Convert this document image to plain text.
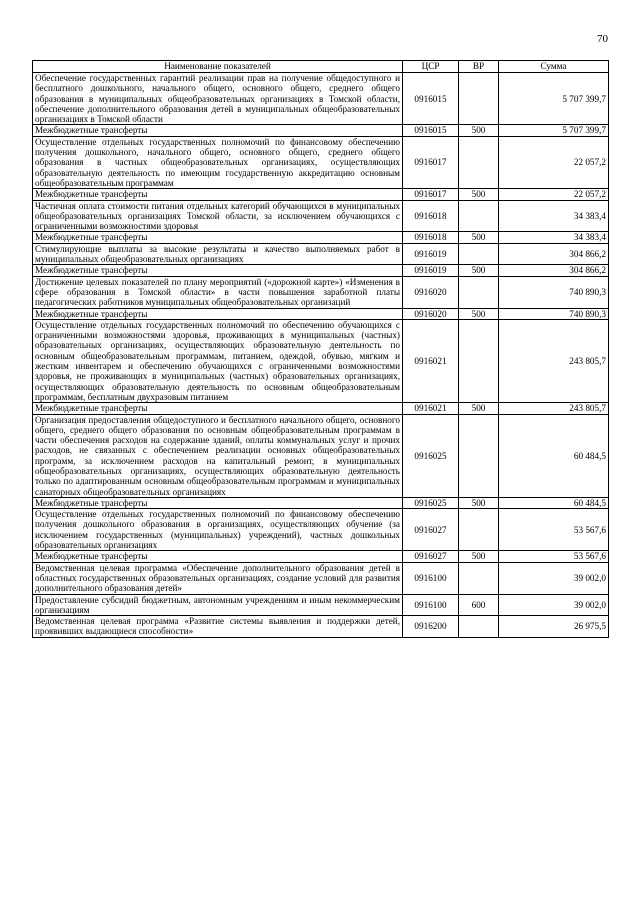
70
Наименование показателей	ЦСР	ВР	Сумма
Обеспечение государственных гарантий реализации прав на получение общедоступного и бесплатного дошкольного, начального общего, основного общего, среднего общего образования в муниципальных общеобразовательных организациях в Томской области, обеспечение дополнительного образования детей в муниципальных общеобразовательных организациях в Томской области	0916015		5 707 399,7
Межбюджетные трансферты	0916015	500	5 707 399,7
Осуществление отдельных государственных полномочий по финансовому обеспечению получения дошкольного, начального общего, основного общего, среднего общего образования в частных общеобразовательных организациях, осуществляющих образовательную деятельность по имеющим государственную аккредитацию основным общеобразовательным программам	0916017		22 057,2
Межбюджетные трансферты	0916017	500	22 057,2
Частичная оплата стоимости питания отдельных категорий обучающихся в муниципальных общеобразовательных организациях Томской области, за исключением обучающихся с ограниченными возможностями здоровья	0916018		34 383,4
Межбюджетные трансферты	0916018	500	34 383,4
Стимулирующие выплаты за высокие результаты и качество выполняемых работ в муниципальных общеобразовательных организациях	0916019		304 866,2
Межбюджетные трансферты	0916019	500	304 866,2
Достижение целевых показателей по плану мероприятий («дорожной карте») «Изменения в сфере образования в Томской области» в части повышения заработной платы педагогических работников муниципальных общеобразовательных организаций	0916020		740 890,3
Межбюджетные трансферты	0916020	500	740 890,3
Осуществление отдельных государственных полномочий по обеспечению обучающихся с ограниченными возможностями здоровья, проживающих в муниципальных (частных) образовательных организациях, осуществляющих образовательную деятельность по основным общеобразовательным программам, питанием, одеждой, обувью, мягким и жестким инвентарем и обеспечению обучающихся с ограниченными возможностями здоровья, не проживающих в муниципальных (частных) образовательных организациях, осуществляющих образовательную деятельность по основным общеобразовательным программам, бесплатным двухразовым питанием	0916021		243 805,7
Межбюджетные трансферты	0916021	500	243 805,7
Организация предоставления общедоступного и бесплатного начального общего, основного общего, среднего общего образования по основным общеобразовательным программам в части обеспечения расходов на содержание зданий, оплаты коммунальных услуг и прочих расходов, не связанных с обеспечением реализации основных общеобразовательных программ, за исключением расходов на капитальный ремонт, в муниципальных общеобразовательных организациях, осуществляющих образовательную деятельность только по адаптированным основным общеобразовательным программам и муниципальных санаторных общеобразовательных организациях	0916025		60 484,5
Межбюджетные трансферты	0916025	500	60 484,5
Осуществление отдельных государственных полномочий по финансовому обеспечению получения дошкольного образования в организациях, осуществляющих обучение (за исключением государственных (муниципальных) учреждений), частных дошкольных образовательных организациях	0916027		53 567,6
Межбюджетные трансферты	0916027	500	53 567,6
Ведомственная целевая программа «Обеспечение дополнительного образования детей в областных государственных образовательных организациях, создание условий для развития дополнительного образования детей»	0916100		39 002,0
Предоставление субсидий бюджетным, автономным учреждениям и иным некоммерческим организациям	0916100	600	39 002,0
Ведомственная целевая программа «Развитие системы выявления и поддержки детей, проявивших выдающиеся способности»	0916200		26 975,5
